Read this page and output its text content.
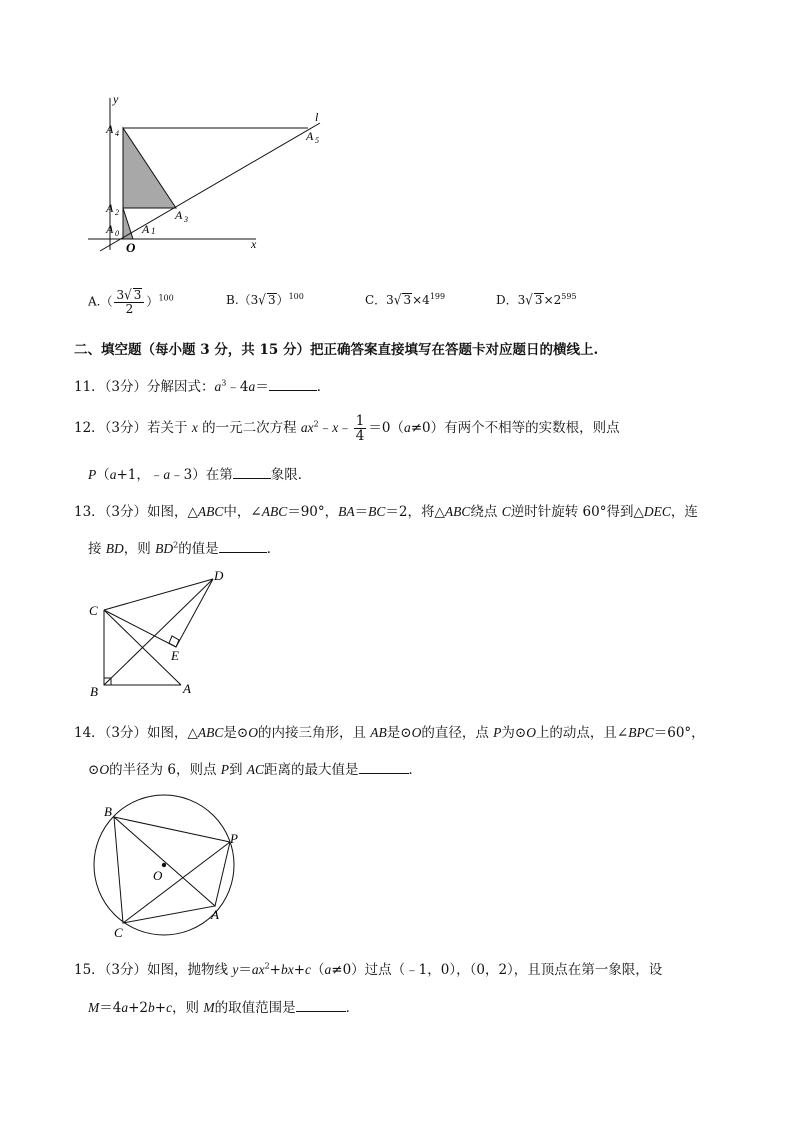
y
l
A 4	A 5
A 2	A 3
A 0 A 1
O	x
$A.( \frac{3√ 3}{2} )^{100}$	B.（3√ 3）$^{100}$	C．3√ $3\times 4^{199}$	D．3√ $3\times 2^{595}$
二、填空题（每小题 3 分，共 15 分）把正确答案直接填写在答题卡对应题日的横线上.
11．（3分）分解因式：$a^3﹣4a=$	．
12．（3分）若关于 x 的一元二次方程 $ax^2﹣x﹣ \frac{1}{4} =0(a\ne 0)$有两个不相等的实数根，则点
P（a+1，﹣a﹣3）在第	象限．
13．（3分）如图，△ABC中，∠ABC＝90°，BA＝BC＝2，将△ABC绕点 C逆时针旋转 60°得到△DEC，连
接 BD，则 $BD^2$的值是	．
C
D
E
B	A
14．（3分）如图，△ABC是⊙O的内接三角形，且 AB是⊙O的直径，点 P为⊙O上的动点，且∠BPC＝60°，
⊙O的半径为 6，则点 P到 AC距离的最大值是	．
B
P
O
C
A
15．（3分）如图，抛物线 $y=ax^2+bx+c(a\ne 0)$过点（﹣1，0），（0，2），且顶点在第一象限，设
M＝4a+2b+c，则 M的取值范围是	．
